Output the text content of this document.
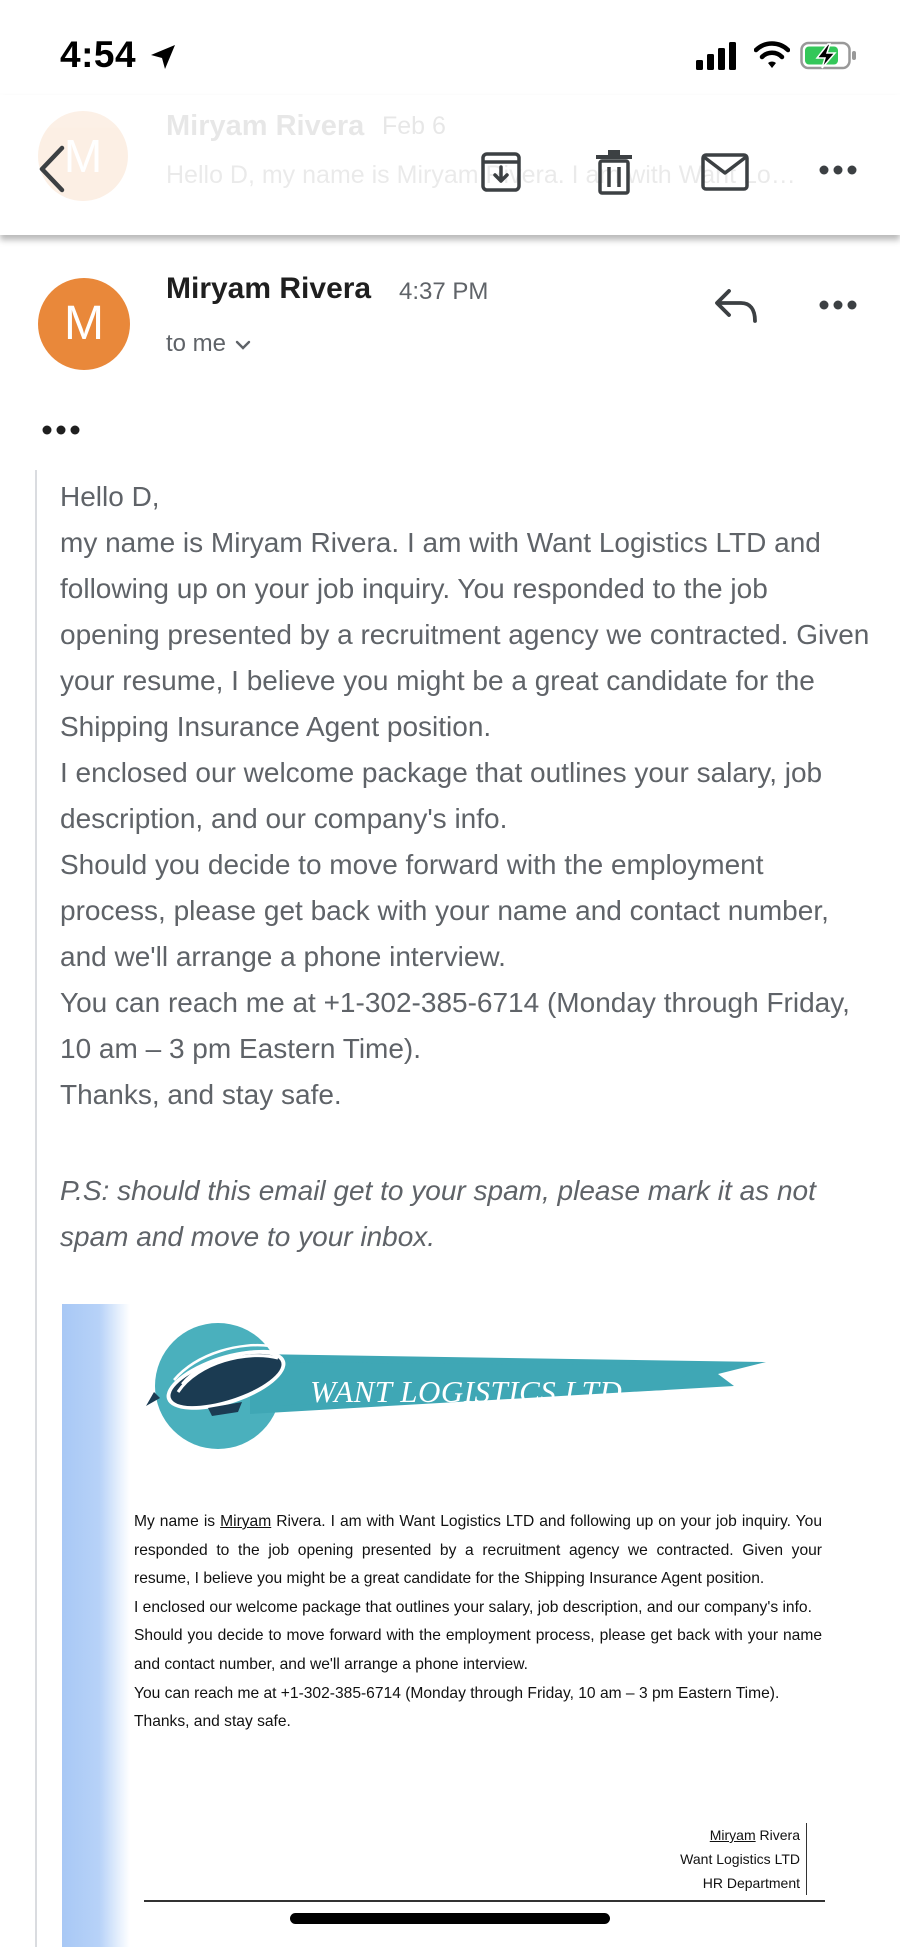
4:54
M
Miryam Rivera Feb 6
Hello D, my name is Miryam Rivera. I am with Want Lo…
M
Miryam Rivera 4:37 PM
to me

Hello D,

my name is Miryam Rivera. I am with Want Logistics LTD and following up on your job inquiry. You responded to the job opening presented by a recruitment agency we contracted. Given your resume, I believe you might be a great candidate for the Shipping Insurance Agent position.

I enclosed our welcome package that outlines your salary, job description, and our company's info.

Should you decide to move forward with the employment process, please get back with your name and contact number, and we'll arrange a phone interview.

You can reach me at +1-302-385-6714 (Monday through Friday, 10 am – 3 pm Eastern Time).

Thanks, and stay safe.

P.S: should this email get to your spam, please mark it as not spam and move to your inbox.
WANT LOGISTICS LTD

My name is Miryam Rivera. I am with Want Logistics LTD and following up on your job inquiry. You responded to the job opening presented by a recruitment agency we contracted. Given your resume, I believe you might be a great candidate for the Shipping Insurance Agent position.

I enclosed our welcome package that outlines your salary, job description, and our company's info.

Should you decide to move forward with the employment process, please get back with your name and contact number, and we'll arrange a phone interview.

You can reach me at +1-302-385-6714 (Monday through Friday, 10 am – 3 pm Eastern Time).

Thanks, and stay safe.

Miryam Rivera
Want Logistics LTD
HR Department
